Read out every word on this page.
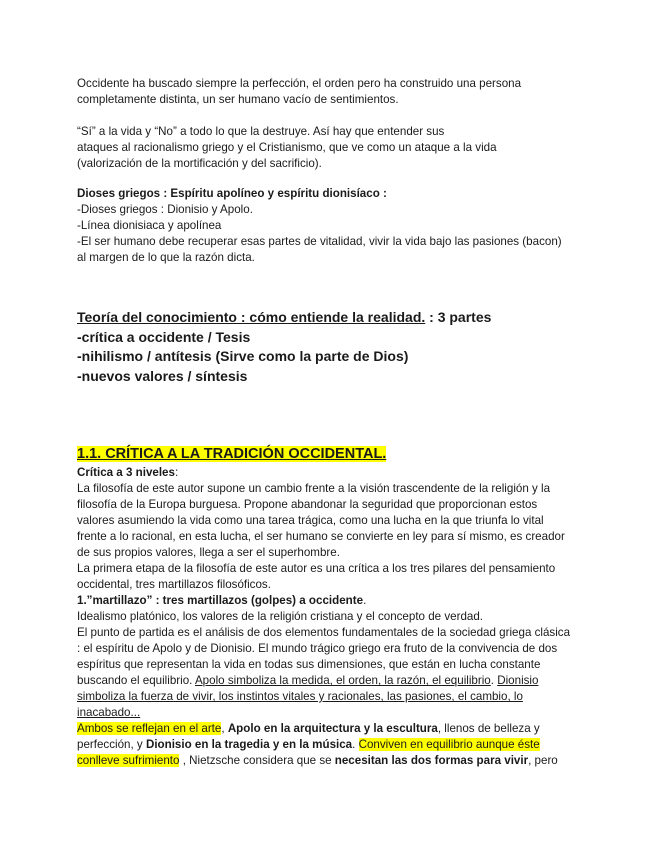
Occidente ha buscado siempre la perfección, el orden pero ha construido una persona
completamente distinta, un ser humano vacío de sentimientos.
“Sí” a la vida y “No” a todo lo que la destruye. Así hay que entender sus
ataques al racionalismo griego y el Cristianismo, que ve como un ataque a la vida
(valorización de la mortificación y del sacrificio).
Dioses griegos : Espíritu apolíneo y espíritu dionisíaco :
-Dioses griegos : Dionisio y Apolo.
-Línea dionisiaca y apolínea
-El ser humano debe recuperar esas partes de vitalidad, vivir la vida bajo las pasiones (bacon)
al margen de lo que la razón dicta.
Teoría del conocimiento : cómo entiende la realidad. : 3 partes
-crítica a occidente / Tesis
-nihilismo / antítesis (Sirve como la parte de Dios)
-nuevos valores / síntesis
1.1. CRÍTICA A LA TRADICIÓN OCCIDENTAL.
Crítica a 3 niveles:
La filosofía de este autor supone un cambio frente a la visión trascendente de la religión y la
filosofía de la Europa burguesa. Propone abandonar la seguridad que proporcionan estos
valores asumiendo la vida como una tarea trágica, como una lucha en la que triunfa lo vital
frente a lo racional, en esta lucha, el ser humano se convierte en ley para sí mismo, es creador
de sus propios valores, llega a ser el superhombre.
La primera etapa de la filosofía de este autor es una crítica a los tres pilares del pensamiento
occidental, tres martillazos filosóficos.
1.”martillazo” : tres martillazos (golpes) a occidente.
Idealismo platónico, los valores de la religión cristiana y el concepto de verdad.
El punto de partida es el análisis de dos elementos fundamentales de la sociedad griega clásica
: el espíritu de Apolo y de Dionisio. El mundo trágico griego era fruto de la convivencia de dos
espíritus que representan la vida en todas sus dimensiones, que están en lucha constante
buscando el equilibrio. Apolo simboliza la medida, el orden, la razón, el equilibrio. Dionisio
simboliza la fuerza de vivir, los instintos vitales y racionales, las pasiones, el cambio, lo
inacabado...
Ambos se reflejan en el arte, Apolo en la arquitectura y la escultura, llenos de belleza y
perfección, y Dionisio en la tragedia y en la música. Conviven en equilibrio aunque éste
conlleve sufrimiento , Nietzsche considera que se necesitan las dos formas para vivir, pero
